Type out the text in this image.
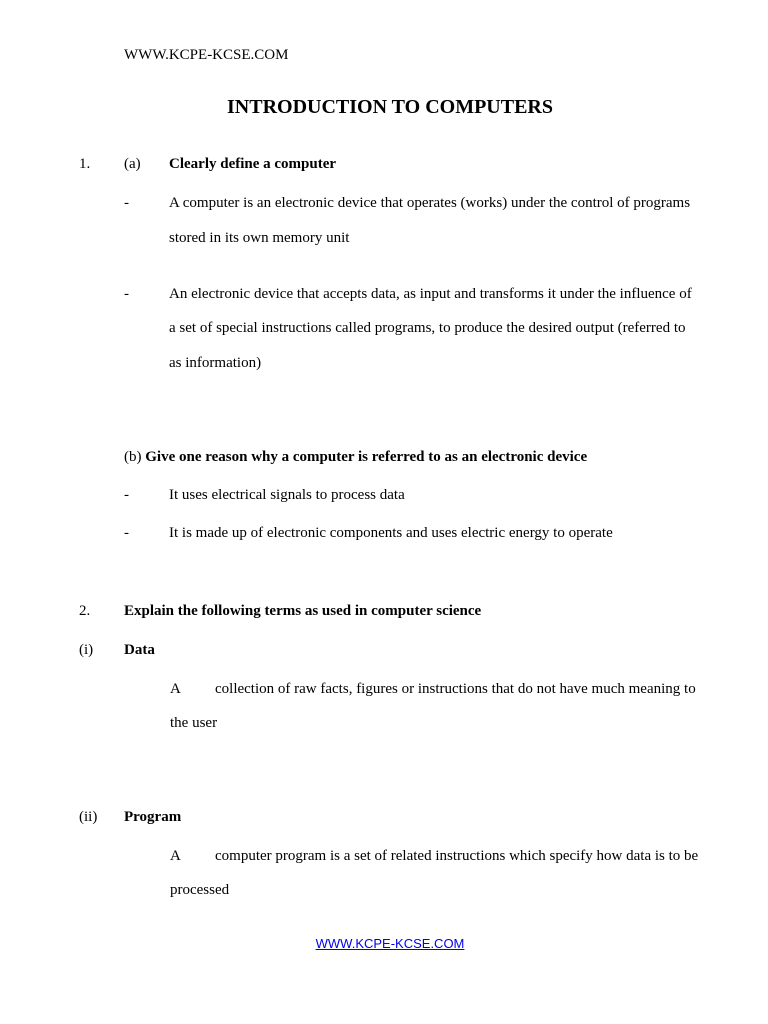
WWW.KCPE-KCSE.COM
INTRODUCTION TO COMPUTERS
1. (a) Clearly define a computer
-	A computer is an electronic device that operates (works) under the control of programs
stored in its own memory unit
-	An electronic device that accepts data, as input and transforms it under the influence of
a set of special instructions called programs, to produce the desired output (referred to
as information)
(b) Give one reason why a computer is referred to as an electronic device
-	It uses electrical signals to process data
-	It is made up of electronic components and uses electric energy to operate
2. Explain the following terms as used in computer science
(i) Data
A collection of raw facts, figures or instructions that do not have much meaning to
the user
(ii) Program
A computer program is a set of related instructions which specify how data is to be
processed
WWW.KCPE-KCSE.COM
